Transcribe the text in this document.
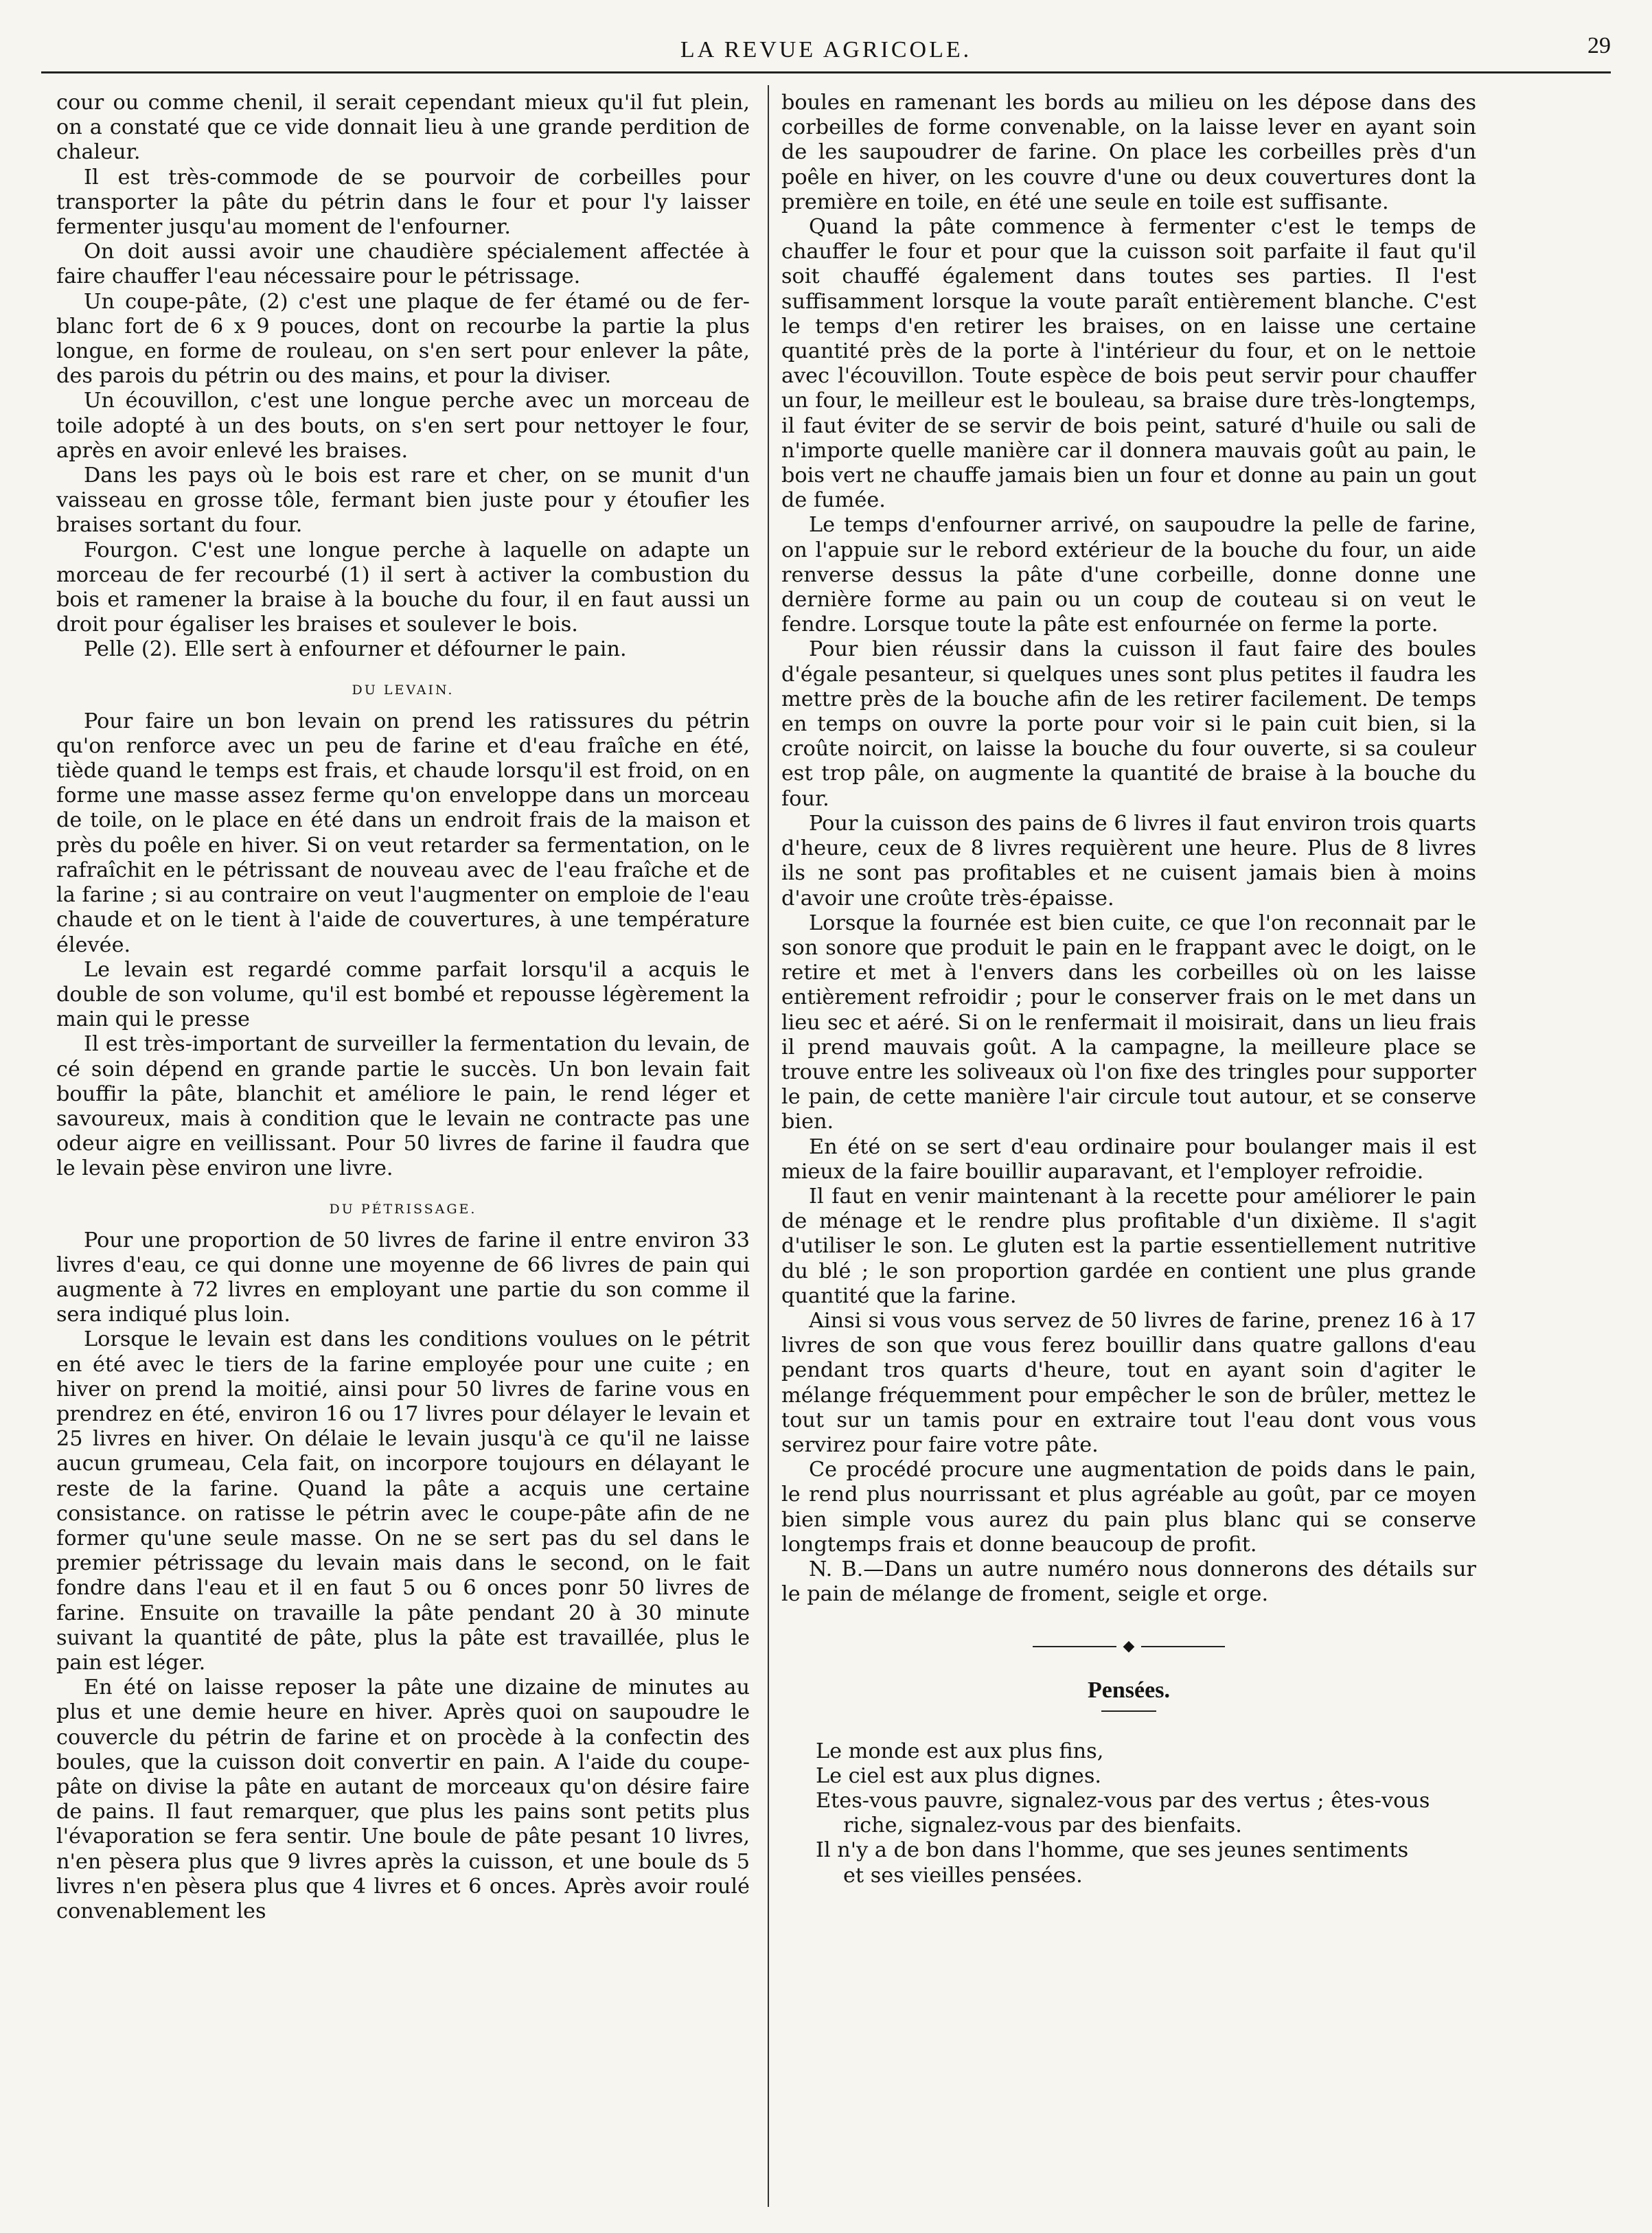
LA REVUE AGRICOLE.	29

cour ou comme chenil, il serait cependant mieux qu'il fut plein, on a constaté que ce vide donnait lieu à une grande perdition de chaleur.

Il est très-commode de se pourvoir de corbeilles pour transporter la pâte du pétrin dans le four et pour l'y laisser fermenter jusqu'au moment de l'enfourner.

On doit aussi avoir une chaudière spécialement affectée à faire chauffer l'eau nécessaire pour le pétrissage.

Un coupe-pâte, (2) c'est une plaque de fer étamé ou de fer-blanc fort de 6 x 9 pouces, dont on recourbe la partie la plus longue, en forme de rouleau, on s'en sert pour enlever la pâte, des parois du pétrin ou des mains, et pour la diviser.

Un écouvillon, c'est une longue perche avec un morceau de toile adopté à un des bouts, on s'en sert pour nettoyer le four, après en avoir enlevé les braises.

Dans les pays où le bois est rare et cher, on se munit d'un vaisseau en grosse tôle, fermant bien juste pour y étoufier les braises sortant du four.

Fourgon. C'est une longue perche à laquelle on adapte un morceau de fer recourbé (1) il sert à activer la combustion du bois et ramener la braise à la bouche du four, il en faut aussi un droit pour égaliser les braises et soulever le bois.

Pelle (2). Elle sert à enfourner et défourner le pain.

DU LEVAIN.

Pour faire un bon levain on prend les ratissures du pétrin qu'on renforce avec un peu de farine et d'eau fraîche en été, tiède quand le temps est frais, et chaude lorsqu'il est froid, on en forme une masse assez ferme qu'on enveloppe dans un morceau de toile, on le place en été dans un endroit frais de la maison et près du poêle en hiver. Si on veut retarder sa fermentation, on le rafraîchit en le pétrissant de nouveau avec de l'eau fraîche et de la farine ; si au contraire on veut l'augmenter on emploie de l'eau chaude et on le tient à l'aide de couvertures, à une température élevée.

Le levain est regardé comme parfait lorsqu'il a acquis le double de son volume, qu'il est bombé et repousse légèrement la main qui le presse

Il est très-important de surveiller la fermentation du levain, de cé soin dépend en grande partie le succès. Un bon levain fait bouffir la pâte, blanchit et améliore le pain, le rend léger et savoureux, mais à condition que le levain ne contracte pas une odeur aigre en veillissant. Pour 50 livres de farine il faudra que le levain pèse environ une livre.

DU PÉTRISSAGE.

Pour une proportion de 50 livres de farine il entre environ 33 livres d'eau, ce qui donne une moyenne de 66 livres de pain qui augmente à 72 livres en employant une partie du son comme il sera indiqué plus loin.

Lorsque le levain est dans les conditions voulues on le pétrit en été avec le tiers de la farine employée pour une cuite ; en hiver on prend la moitié, ainsi pour 50 livres de farine vous en prendrez en été, environ 16 ou 17 livres pour délayer le levain et 25 livres en hiver. On délaie le levain jusqu'à ce qu'il ne laisse aucun grumeau, Cela fait, on incorpore toujours en délayant le reste de la farine. Quand la pâte a acquis une certaine consistance. on ratisse le pétrin avec le coupe-pâte afin de ne former qu'une seule masse. On ne se sert pas du sel dans le premier pétrissage du levain mais dans le second, on le fait fondre dans l'eau et il en faut 5 ou 6 onces ponr 50 livres de farine. Ensuite on travaille la pâte pendant 20 à 30 minute suivant la quantité de pâte, plus la pâte est travaillée, plus le pain est léger.

En été on laisse reposer la pâte une dizaine de minutes au plus et une demie heure en hiver. Après quoi on saupoudre le couvercle du pétrin de farine et on procède à la confectin des boules, que la cuisson doit convertir en pain. A l'aide du coupe-pâte on divise la pâte en autant de morceaux qu'on désire faire de pains. Il faut remarquer, que plus les pains sont petits plus l'évaporation se fera sentir. Une boule de pâte pesant 10 livres, n'en pèsera plus que 9 livres après la cuisson, et une boule ds 5 livres n'en pèsera plus que 4 livres et 6 onces. Après avoir roulé convenablement les

boules en ramenant les bords au milieu on les dépose dans des corbeilles de forme convenable, on la laisse lever en ayant soin de les saupoudrer de farine. On place les corbeilles près d'un poêle en hiver, on les couvre d'une ou deux couvertures dont la première en toile, en été une seule en toile est suffisante.

Quand la pâte commence à fermenter c'est le temps de chauffer le four et pour que la cuisson soit parfaite il faut qu'il soit chauffé également dans toutes ses parties. Il l'est suffisamment lorsque la voute paraît entièrement blanche. C'est le temps d'en retirer les braises, on en laisse une certaine quantité près de la porte à l'intérieur du four, et on le nettoie avec l'écouvillon. Toute espèce de bois peut servir pour chauffer un four, le meilleur est le bouleau, sa braise dure très-longtemps, il faut éviter de se servir de bois peint, saturé d'huile ou sali de n'importe quelle manière car il donnera mauvais goût au pain, le bois vert ne chauffe jamais bien un four et donne au pain un gout de fumée.

Le temps d'enfourner arrivé, on saupoudre la pelle de farine, on l'appuie sur le rebord extérieur de la bouche du four, un aide renverse dessus la pâte d'une corbeille, donne donne une dernière forme au pain ou un coup de couteau si on veut le fendre. Lorsque toute la pâte est enfournée on ferme la porte.

Pour bien réussir dans la cuisson il faut faire des boules d'égale pesanteur, si quelques unes sont plus petites il faudra les mettre près de la bouche afin de les retirer facilement. De temps en temps on ouvre la porte pour voir si le pain cuit bien, si la croûte noircit, on laisse la bouche du four ouverte, si sa couleur est trop pâle, on augmente la quantité de braise à la bouche du four.

Pour la cuisson des pains de 6 livres il faut environ trois quarts d'heure, ceux de 8 livres requièrent une heure. Plus de 8 livres ils ne sont pas profitables et ne cuisent jamais bien à moins d'avoir une croûte très-épaisse.

Lorsque la fournée est bien cuite, ce que l'on reconnait par le son sonore que produit le pain en le frappant avec le doigt, on le retire et met à l'envers dans les corbeilles où on les laisse entièrement refroidir ; pour le conserver frais on le met dans un lieu sec et aéré. Si on le renfermait il moisirait, dans un lieu frais il prend mauvais goût. A la campagne, la meilleure place se trouve entre les soliveaux où l'on fixe des tringles pour supporter le pain, de cette manière l'air circule tout autour, et se conserve bien.

En été on se sert d'eau ordinaire pour boulanger mais il est mieux de la faire bouillir auparavant, et l'employer refroidie.

Il faut en venir maintenant à la recette pour améliorer le pain de ménage et le rendre plus profitable d'un dixième. Il s'agit d'utiliser le son. Le gluten est la partie essentiellement nutritive du blé ; le son proportion gardée en contient une plus grande quantité que la farine.

Ainsi si vous vous servez de 50 livres de farine, prenez 16 à 17 livres de son que vous ferez bouillir dans quatre gallons d'eau pendant tros quarts d'heure, tout en ayant soin d'agiter le mélange fréquemment pour empêcher le son de brûler, mettez le tout sur un tamis pour en extraire tout l'eau dont vous vous servirez pour faire votre pâte.

Ce procédé procure une augmentation de poids dans le pain, le rend plus nourrissant et plus agréable au goût, par ce moyen bien simple vous aurez du pain plus blanc qui se conserve longtemps frais et donne beaucoup de profit.

N. B.—Dans un autre numéro nous donnerons des détails sur le pain de mélange de froment, seigle et orge.

◆
Pensées.
Le monde est aux plus fins,
Le ciel est aux plus dignes.
Etes-vous pauvre, signalez-vous par des vertus ; êtes-vous
riche, signalez-vous par des bienfaits.
Il n'y a de bon dans l'homme, que ses jeunes sentiments
et ses vieilles pensées.
